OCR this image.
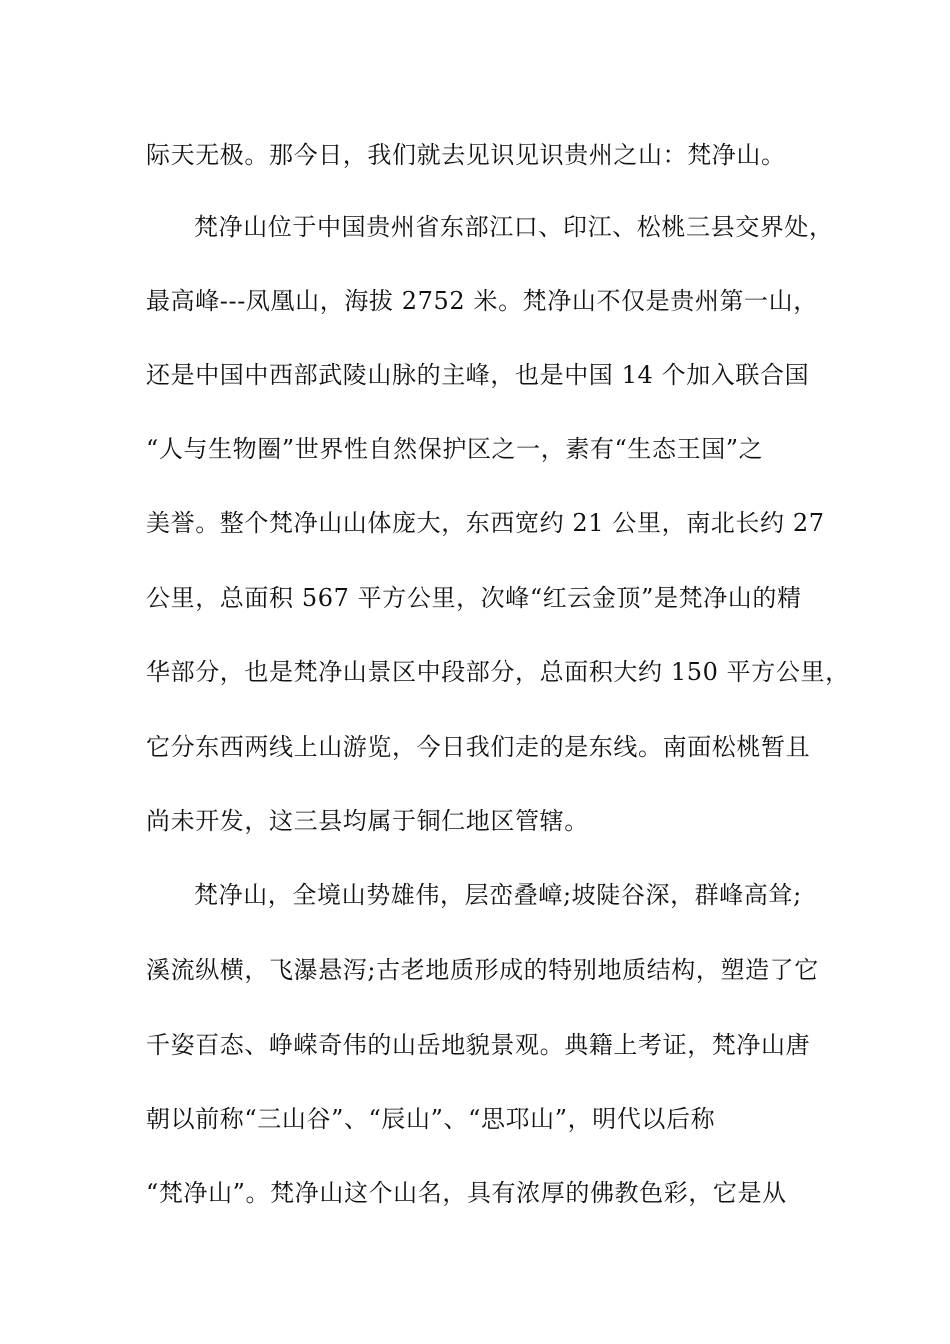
际天无极。那今日，我们就去见识见识贵州之山：梵净山。
梵净山位于中国贵州省东部江口、印江、松桃三县交界处，
最高峰---凤凰山，海拔 2752 米。梵净山不仅是贵州第一山，
还是中国中西部武陵山脉的主峰，也是中国 14 个加入联合国
“人与生物圈”世界性自然保护区之一，素有“生态王国”之
美誉。整个梵净山山体庞大，东西宽约 21 公里，南北长约 27
公里，总面积 567 平方公里，次峰“红云金顶”是梵净山的精
华部分，也是梵净山景区中段部分，总面积大约 150 平方公里，
它分东西两线上山游览，今日我们走的是东线。南面松桃暂且
尚未开发，这三县均属于铜仁地区管辖。
梵净山，全境山势雄伟，层峦叠嶂;坡陡谷深，群峰高耸;
溪流纵横，飞瀑悬泻;古老地质形成的特别地质结构，塑造了它
千姿百态、峥嵘奇伟的山岳地貌景观。典籍上考证，梵净山唐
朝以前称“三山谷”、“辰山”、“思邛山”，明代以后称
“梵净山”。梵净山这个山名，具有浓厚的佛教色彩，它是从
